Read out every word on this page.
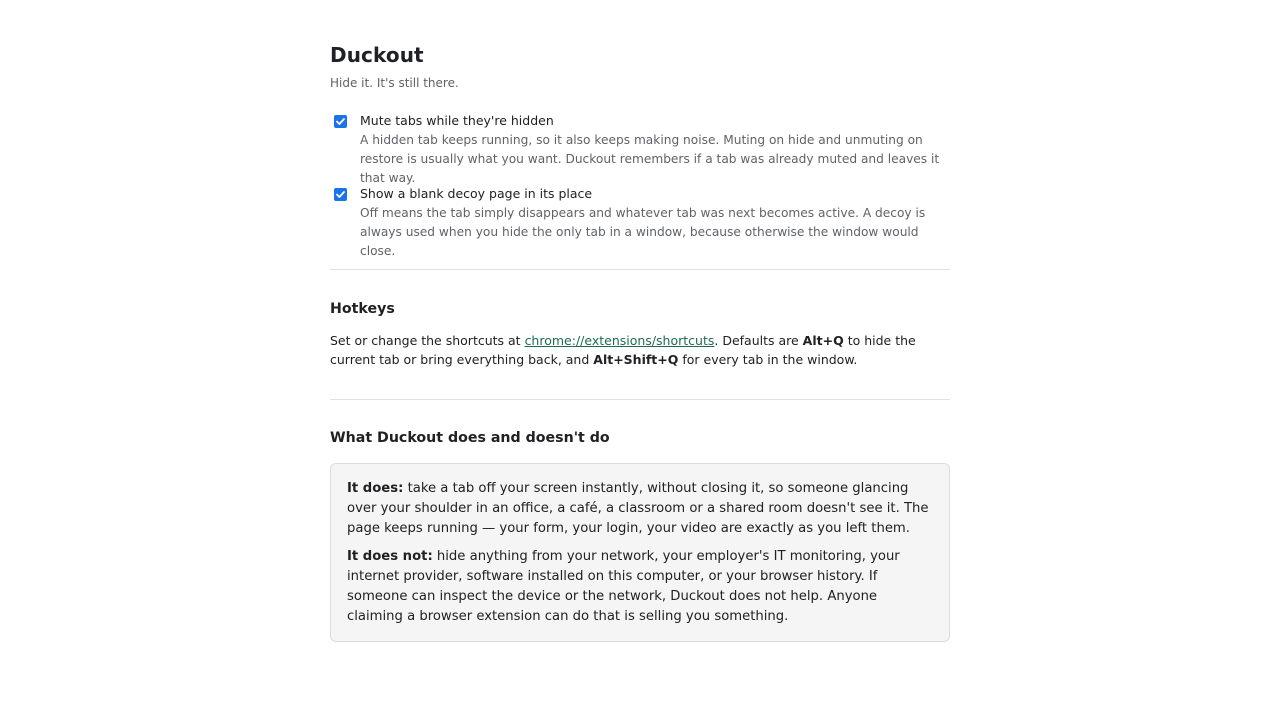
Duckout
Hide it. It's still there.
Mute tabs while they're hidden
A hidden tab keeps running, so it also keeps making noise. Muting on hide and unmuting on restore is usually what you want. Duckout remembers if a tab was already muted and leaves it that way.
Show a blank decoy page in its place
Off means the tab simply disappears and whatever tab was next becomes active. A decoy is always used when you hide the only tab in a window, because otherwise the window would close.
Hotkeys
Set or change the shortcuts at chrome://extensions/shortcuts. Defaults are Alt+Q to hide the current tab or bring everything back, and Alt+Shift+Q for every tab in the window.
What Duckout does and doesn't do

It does: take a tab off your screen instantly, without closing it, so someone glancing over your shoulder in an office, a café, a classroom or a shared room doesn't see it. The page keeps running — your form, your login, your video are exactly as you left them.

It does not: hide anything from your network, your employer's IT monitoring, your internet provider, software installed on this computer, or your browser history. If someone can inspect the device or the network, Duckout does not help. Anyone claiming a browser extension can do that is selling you something.
